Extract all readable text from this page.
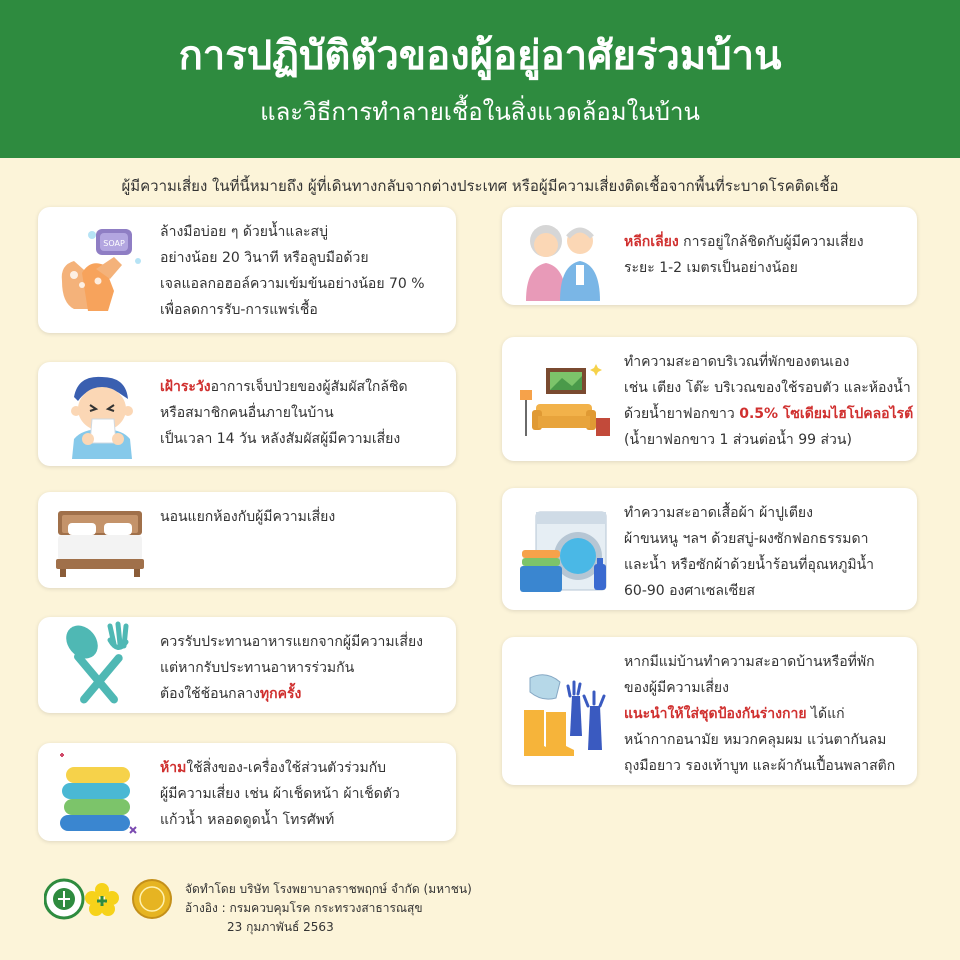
การปฏิบัติตัวของผู้อยู่อาศัยร่วมบ้าน
และวิธีการทำลายเชื้อในสิ่งแวดล้อมในบ้าน
ผู้มีความเสี่ยง ในที่นี้หมายถึง ผู้ที่เดินทางกลับจากต่างประเทศ หรือผู้มีความเสี่ยงติดเชื้อจากพื้นที่ระบาดโรคติดเชื้อ
SOAP
ล้างมือบ่อย ๆ ด้วยน้ำและสบู่
อย่างน้อย 20 วินาที หรือลูบมือด้วย
เจลแอลกอฮอล์ความเข้มข้นอย่างน้อย 70 %
เพื่อลดการรับ-การแพร่เชื้อ
เฝ้าระวังอาการเจ็บป่วยของผู้สัมผัสใกล้ชิด
หรือสมาชิกคนอื่นภายในบ้าน
เป็นเวลา 14 วัน หลังสัมผัสผู้มีความเสี่ยง
นอนแยกห้องกับผู้มีความเสี่ยง
ควรรับประทานอาหารแยกจากผู้มีความเสี่ยง
แต่หากรับประทานอาหารร่วมกัน
ต้องใช้ช้อนกลางทุกครั้ง
ห้ามใช้สิ่งของ-เครื่องใช้ส่วนตัวร่วมกับ
ผู้มีความเสี่ยง เช่น ผ้าเช็ดหน้า ผ้าเช็ดตัว
แก้วน้ำ หลอดดูดน้ำ โทรศัพท์
หลีกเลี่ยง การอยู่ใกล้ชิดกับผู้มีความเสี่ยง
ระยะ 1-2 เมตรเป็นอย่างน้อย
ทำความสะอาดบริเวณที่พักของตนเอง
เช่น เตียง โต๊ะ บริเวณของใช้รอบตัว และห้องน้ำ
ด้วยน้ำยาฟอกขาว 0.5% โซเดียมไฮโปคลอไรต์
(น้ำยาฟอกขาว 1 ส่วนต่อน้ำ 99 ส่วน)
ทำความสะอาดเสื้อผ้า ผ้าปูเตียง
ผ้าขนหนู ฯลฯ ด้วยสบู่-ผงซักฟอกธรรมดา
และน้ำ หรือซักผ้าด้วยน้ำร้อนที่อุณหภูมิน้ำ
60-90 องศาเซลเซียส
หากมีแม่บ้านทำความสะอาดบ้านหรือที่พัก
ของผู้มีความเสี่ยง
แนะนำให้ใส่ชุดป้องกันร่างกาย ได้แก่
หน้ากากอนามัย หมวกคลุมผม แว่นตากันลม
ถุงมือยาว รองเท้าบูท และผ้ากันเปื้อนพลาสติก
จัดทำโดย บริษัท โรงพยาบาลราชพฤกษ์ จำกัด (มหาชน)
อ้างอิง : กรมควบคุมโรค กระทรวงสาธารณสุข
23 กุมภาพันธ์ 2563
